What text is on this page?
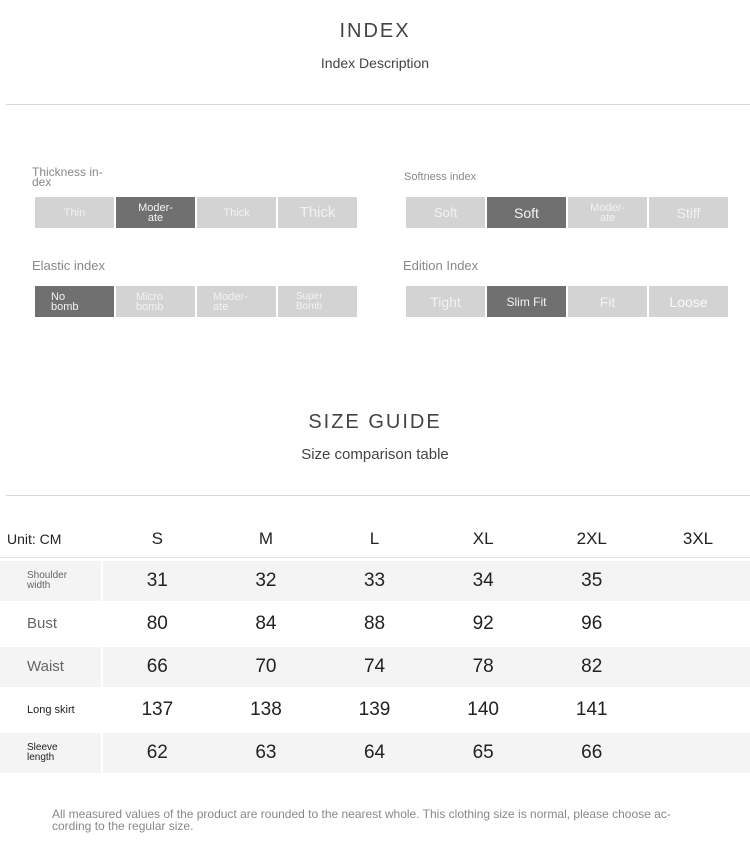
INDEX
Index Description
Thickness in-
dex
Thin	Moder-
ate	Thick	Thick
Softness index
Soft	Soft	Moder-
ate	Stiff
Elastic index
No
bomb
Micro
bomb
Moder-
ate
Super
Bomb
Edition Index
Tight	Slim Fit	Fit	Loose
SIZE GUIDE
Size comparison table
Unit: CM	S	M	L	XL	2XL	3XL
Shoulder
width	31	32	33	34	35	
Bust	80	84	88	92	96	
Waist	66	70	74	78	82	
Long skirt	137	138	139	140	141	
Sleeve
length	62	63	64	65	66	
All measured values of the product are rounded to the nearest whole. This clothing size is normal, please choose ac-
cording to the regular size.
